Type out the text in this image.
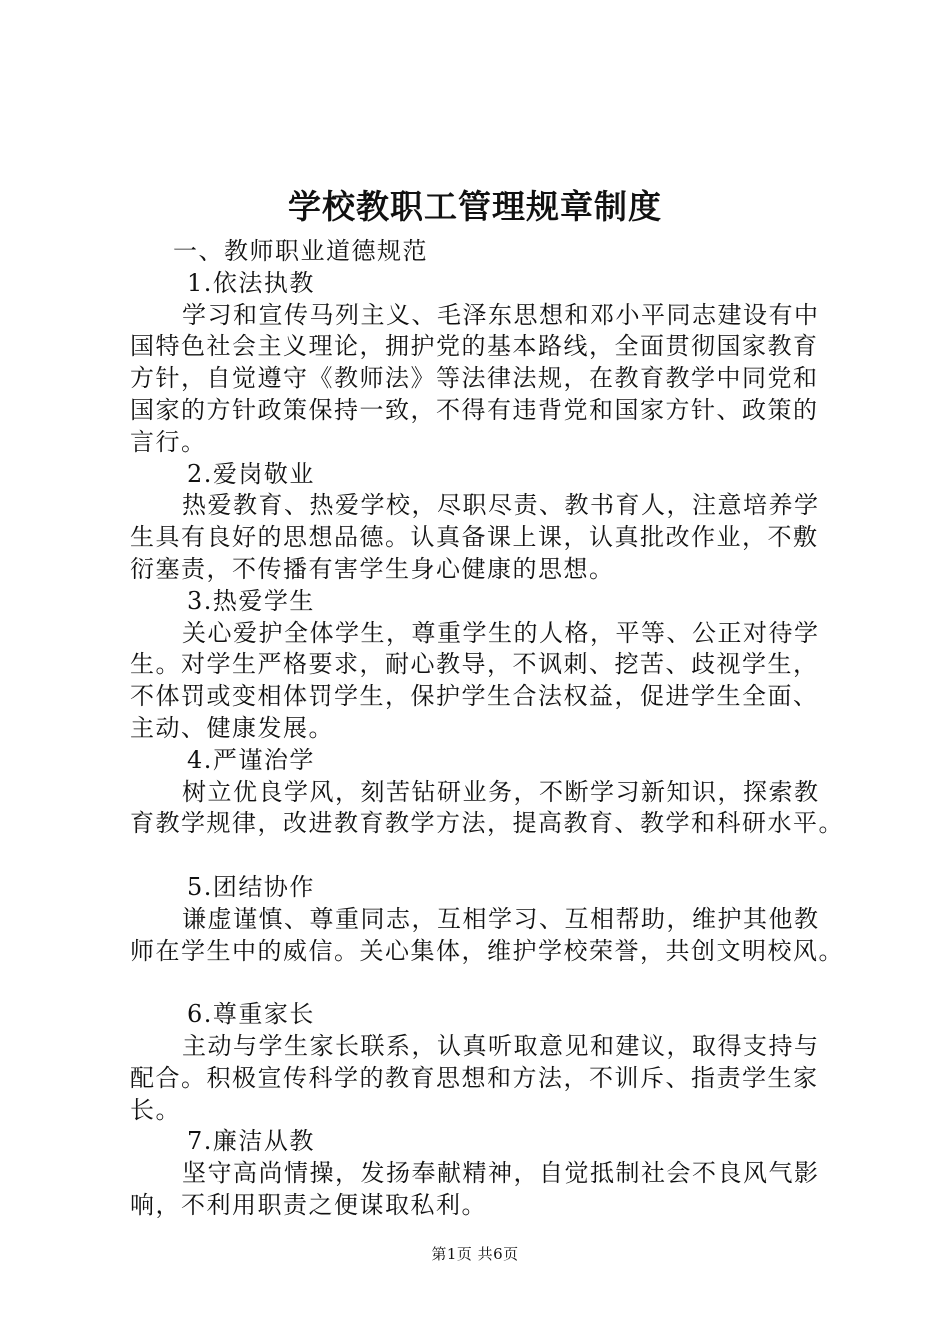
学校教职工管理规章制度
一、教师职业道德规范
1.依法执教
学习和宣传马列主义、毛泽东思想和邓小平同志建设有中
国特色社会主义理论，拥护党的基本路线，全面贯彻国家教育
方针，自觉遵守《教师法》等法律法规，在教育教学中同党和
国家的方针政策保持一致，不得有违背党和国家方针、政策的
言行。
2.爱岗敬业
热爱教育、热爱学校，尽职尽责、教书育人，注意培养学
生具有良好的思想品德。认真备课上课，认真批改作业，不敷
衍塞责，不传播有害学生身心健康的思想。
3.热爱学生
关心爱护全体学生，尊重学生的人格，平等、公正对待学
生。对学生严格要求，耐心教导，不讽刺、挖苦、歧视学生，
不体罚或变相体罚学生，保护学生合法权益，促进学生全面、
主动、健康发展。
4.严谨治学
树立优良学风，刻苦钻研业务，不断学习新知识，探索教
育教学规律，改进教育教学方法，提高教育、教学和科研水平。
5.团结协作
谦虚谨慎、尊重同志，互相学习、互相帮助，维护其他教
师在学生中的威信。关心集体，维护学校荣誉，共创文明校风。
6.尊重家长
主动与学生家长联系，认真听取意见和建议，取得支持与
配合。积极宣传科学的教育思想和方法，不训斥、指责学生家
长。
7.廉洁从教
坚守高尚情操，发扬奉献精神，自觉抵制社会不良风气影
响，不利用职责之便谋取私利。
第1页 共6页
